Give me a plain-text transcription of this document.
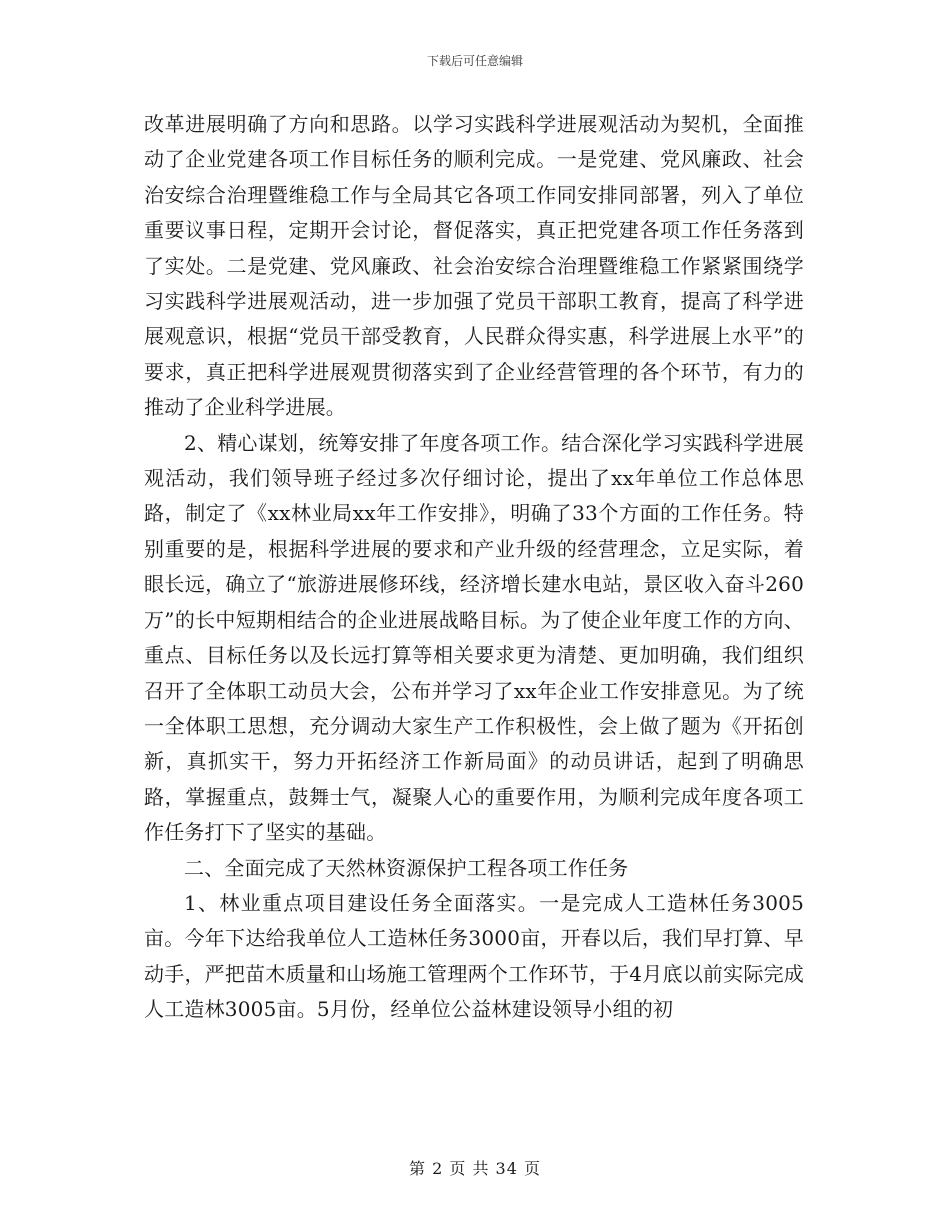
下载后可任意编辑

改革进展明确了方向和思路。以学习实践科学进展观活动为契机，全面推动了企业党建各项工作目标任务的顺利完成。一是党建、党风廉政、社会治安综合治理暨维稳工作与全局其它各项工作同安排同部署，列入了单位重要议事日程，定期开会讨论，督促落实，真正把党建各项工作任务落到了实处。二是党建、党风廉政、社会治安综合治理暨维稳工作紧紧围绕学习实践科学进展观活动，进一步加强了党员干部职工教育，提高了科学进展观意识，根据“党员干部受教育，人民群众得实惠，科学进展上水平”的要求，真正把科学进展观贯彻落实到了企业经营管理的各个环节，有力的推动了企业科学进展。

2、精心谋划，统筹安排了年度各项工作。结合深化学习实践科学进展观活动，我们领导班子经过多次仔细讨论，提出了xx年单位工作总体思路，制定了《xx林业局xx年工作安排》，明确了33个方面的工作任务。特别重要的是，根据科学进展的要求和产业升级的经营理念，立足实际，着眼长远，确立了“旅游进展修环线，经济增长建水电站，景区收入奋斗260万”的长中短期相结合的企业进展战略目标。为了使企业年度工作的方向、重点、目标任务以及长远打算等相关要求更为清楚、更加明确，我们组织召开了全体职工动员大会，公布并学习了xx年企业工作安排意见。为了统一全体职工思想，充分调动大家生产工作积极性，会上做了题为《开拓创新，真抓实干，努力开拓经济工作新局面》的动员讲话，起到了明确思路，掌握重点，鼓舞士气，凝聚人心的重要作用，为顺利完成年度各项工作任务打下了坚实的基础。

二、全面完成了天然林资源保护工程各项工作任务

1、林业重点项目建设任务全面落实。一是完成人工造林任务3005亩。今年下达给我单位人工造林任务3000亩，开春以后，我们早打算、早动手，严把苗木质量和山场施工管理两个工作环节，于4月底以前实际完成人工造林3005亩。5月份，经单位公益林建设领导小组的初

第 2 页 共 34 页
